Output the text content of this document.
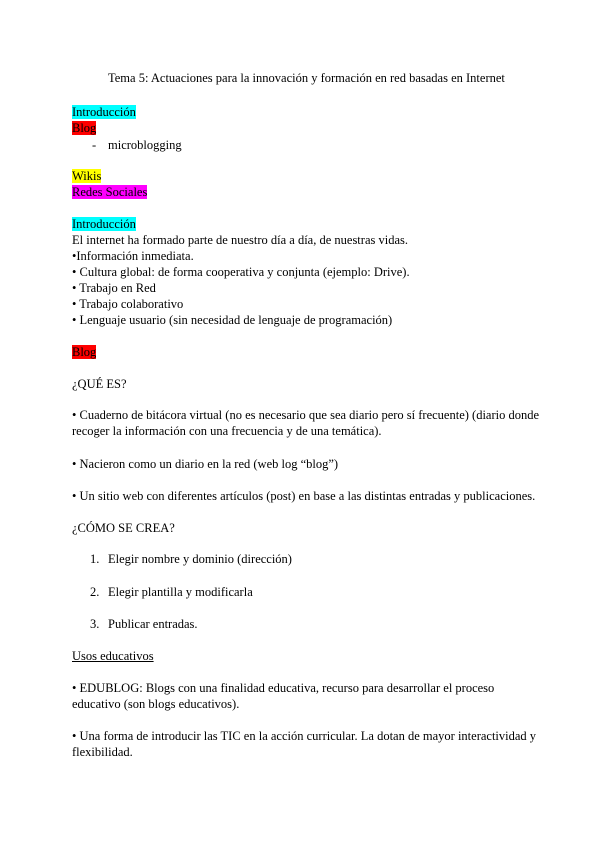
Tema 5: Actuaciones para la innovación y formación en red basadas en Internet
Introducción
Blog
- microblogging
Wikis
Redes Sociales
Introducción
El internet ha formado parte de nuestro día a día, de nuestras vidas.
•Información inmediata.
• Cultura global: de forma cooperativa y conjunta (ejemplo: Drive).
• Trabajo en Red
• Trabajo colaborativo
• Lenguaje usuario (sin necesidad de lenguaje de programación)
Blog
¿QUÉ ES?
• Cuaderno de bitácora virtual (no es necesario que sea diario pero sí frecuente) (diario donde
recoger la información con una frecuencia y de una temática).
• Nacieron como un diario en la red (web log “blog”)
• Un sitio web con diferentes artículos (post) en base a las distintas entradas y publicaciones.
¿CÓMO SE CREA?
1. Elegir nombre y dominio (dirección)
2. Elegir plantilla y modificarla
3. Publicar entradas.
Usos educativos
• EDUBLOG: Blogs con una finalidad educativa, recurso para desarrollar el proceso
educativo (son blogs educativos).
• Una forma de introducir las TIC en la acción curricular. La dotan de mayor interactividad y
flexibilidad.
